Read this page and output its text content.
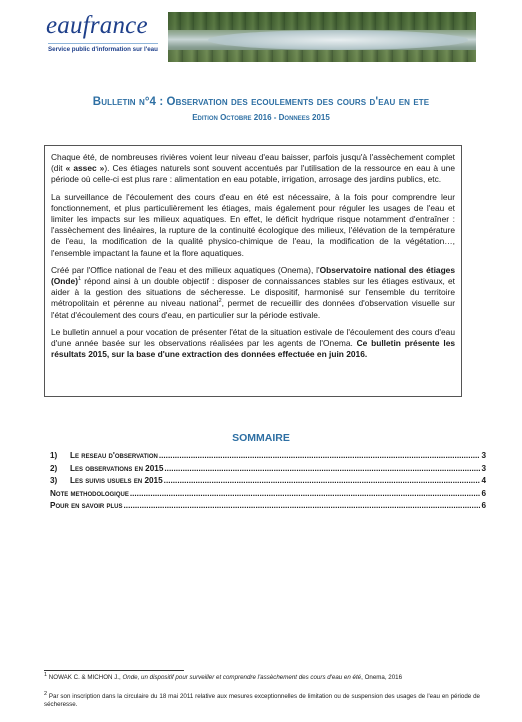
eaufrance
Service public d'information sur l'eau
Bulletin n°4 : Observation des ecoulements des cours d'eau en ete
Edition Octobre 2016 - Donnees 2015

Chaque été, de nombreuses rivières voient leur niveau d'eau baisser, parfois jusqu'à l'assèchement complet (dit « assec »). Ces étiages naturels sont souvent accentués par l'utilisation de la ressource en eau à une période où celle-ci est plus rare : alimentation en eau potable, irrigation, arrosage des jardins publics, etc.

La surveillance de l'écoulement des cours d'eau en été est nécessaire, à la fois pour comprendre leur fonctionnement, et plus particulièrement les étiages, mais également pour réguler les usages de l'eau et limiter les impacts sur les milieux aquatiques. En effet, le déficit hydrique risque notamment d'entraîner : l'assèchement des linéaires, la rupture de la continuité écologique des milieux, l'élévation de la température de l'eau, la modification de la qualité physico-chimique de l'eau, la modification de la végétation…, l'ensemble impactant la faune et la flore aquatiques.

Créé par l'Office national de l'eau et des milieux aquatiques (Onema), l'Observatoire national des étiages (Onde)$^1$ répond ainsi à un double objectif : disposer de connaissances stables sur les étiages estivaux, et aider à la gestion des situations de sécheresse. Le dispositif, harmonisé sur l'ensemble du territoire métropolitain et pérenne au niveau national$^2$, permet de recueillir des données d'observation visuelle sur l'état d'écoulement des cours d'eau, en particulier sur la période estivale.

Le bulletin annuel a pour vocation de présenter l'état de la situation estivale de l'écoulement des cours d'eau d'une année basée sur les observations réalisées par les agents de l'Onema. Ce bulletin présente les résultats 2015, sur la base d'une extraction des données effectuée en juin 2016.

SOMMAIRE
1)	Le reseau d'observation .....	3
2)	Les observations en 2015 .....	3
3)	Les suivis usuels en 2015 .....	4
Note methodologique .....	6
Pour en savoir plus .....	6
$^1$ NOWAK C. & MICHON J., Onde, un dispositif pour surveiller et comprendre l'assèchement des cours d'eau en été, Onema, 2016
$^2$ Par son inscription dans la circulaire du 18 mai 2011 relative aux mesures exceptionnelles de limitation ou de suspension des usages de l'eau en période de sécheresse.
